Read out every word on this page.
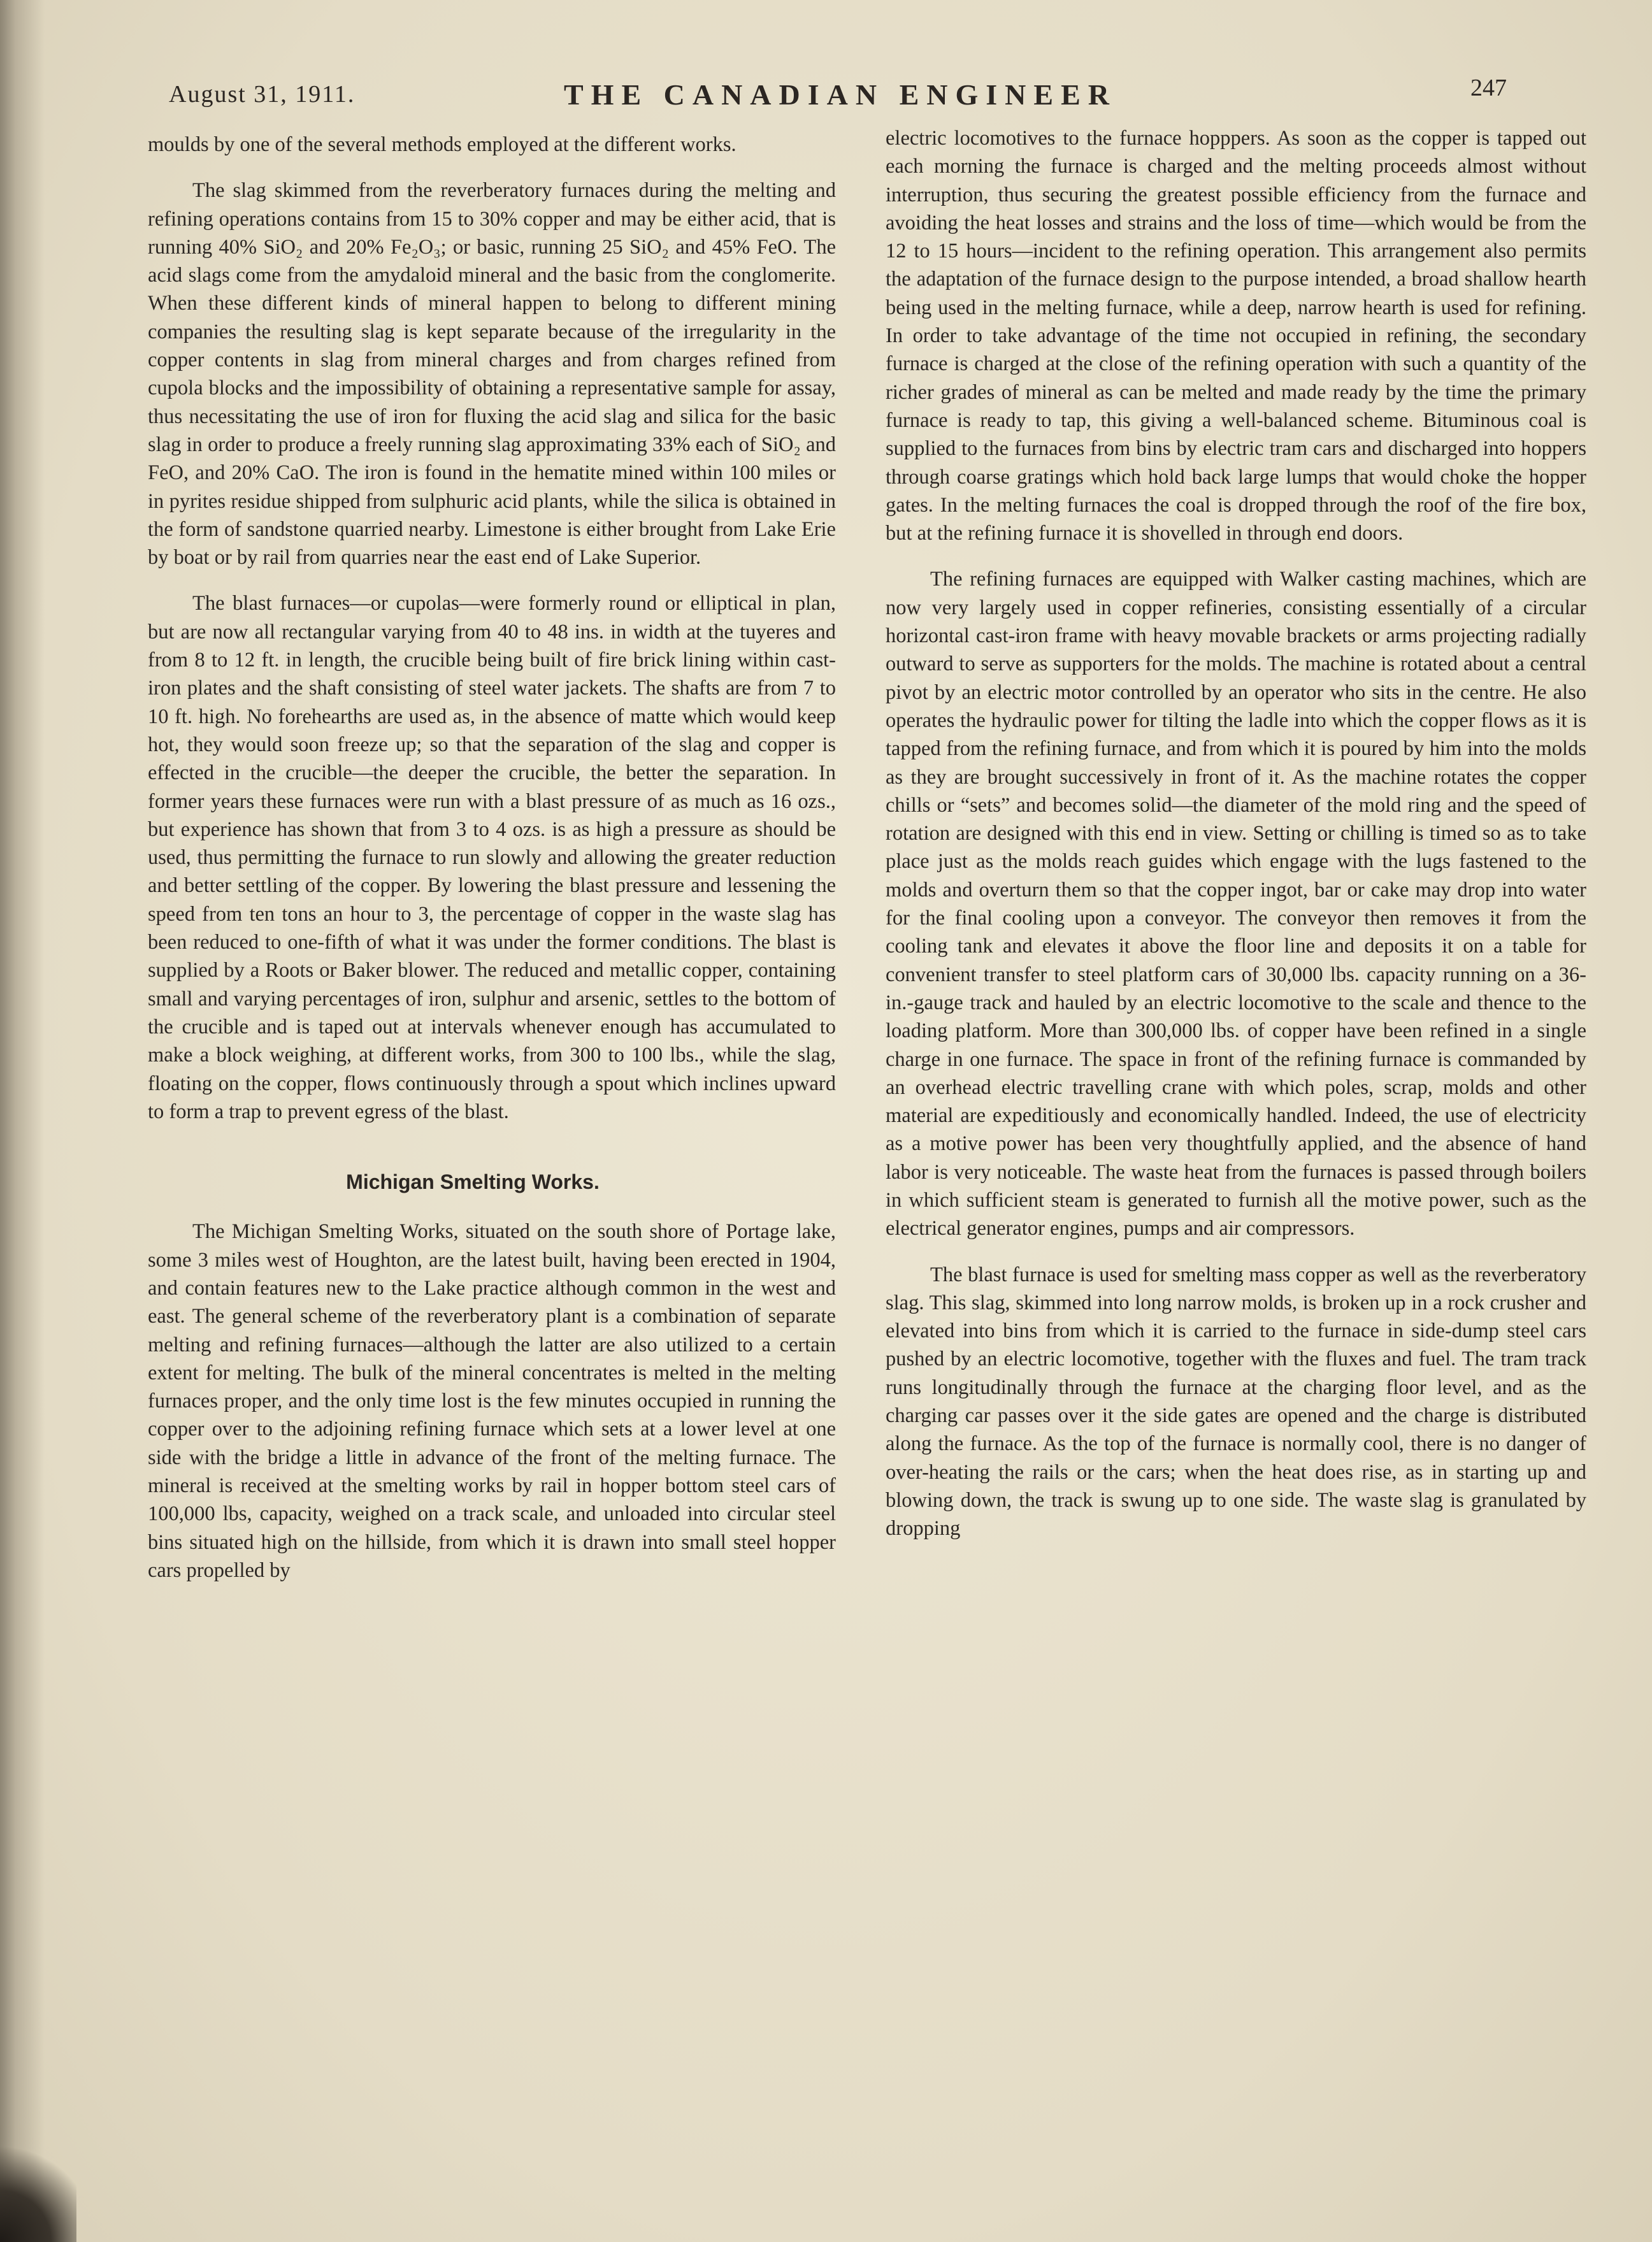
August 31, 1911.	THE CANADIAN ENGINEER	247

moulds by one of the several methods employed at the different works.

The slag skimmed from the reverberatory furnaces during the melting and refining operations contains from 15 to 30% copper and may be either acid, that is running 40% SiO₂ and 20% Fe₂O₃; or basic, running 25 SiO₂ and 45% FeO. The acid slags come from the amydaloid mineral and the basic from the conglomerite. When these different kinds of mineral happen to belong to different mining companies the resulting slag is kept separate because of the irregularity in the copper contents in slag from mineral charges and from charges refined from cupola blocks and the impossibility of obtaining a representative sample for assay, thus necessitating the use of iron for fluxing the acid slag and silica for the basic slag in order to produce a freely running slag approximating 33% each of SiO₂ and FeO, and 20% CaO. The iron is found in the hematite mined within 100 miles or in pyrites residue shipped from sulphuric acid plants, while the silica is obtained in the form of sandstone quarried nearby. Limestone is either brought from Lake Erie by boat or by rail from quarries near the east end of Lake Superior.

The blast furnaces—or cupolas—were formerly round or elliptical in plan, but are now all rectangular varying from 40 to 48 ins. in width at the tuyeres and from 8 to 12 ft. in length, the crucible being built of fire brick lining within cast-iron plates and the shaft consisting of steel water jackets. The shafts are from 7 to 10 ft. high. No forehearths are used as, in the absence of matte which would keep hot, they would soon freeze up; so that the separation of the slag and copper is effected in the crucible—the deeper the crucible, the better the separation. In former years these furnaces were run with a blast pressure of as much as 16 ozs., but experience has shown that from 3 to 4 ozs. is as high a pressure as should be used, thus permitting the furnace to run slowly and allowing the greater reduction and better settling of the copper. By lowering the blast pressure and lessening the speed from ten tons an hour to 3, the percentage of copper in the waste slag has been reduced to one-fifth of what it was under the former conditions. The blast is supplied by a Roots or Baker blower. The reduced and metallic copper, containing small and varying percentages of iron, sulphur and arsenic, settles to the bottom of the crucible and is taped out at intervals whenever enough has accumulated to make a block weighing, at different works, from 300 to 100 lbs., while the slag, floating on the copper, flows continuously through a spout which inclines upward to form a trap to prevent egress of the blast.

Michigan Smelting Works.

The Michigan Smelting Works, situated on the south shore of Portage lake, some 3 miles west of Houghton, are the latest built, having been erected in 1904, and contain features new to the Lake practice although common in the west and east. The general scheme of the reverberatory plant is a combination of separate melting and refining furnaces—although the latter are also utilized to a certain extent for melting. The bulk of the mineral concentrates is melted in the melting furnaces proper, and the only time lost is the few minutes occupied in running the copper over to the adjoining refining furnace which sets at a lower level at one side with the bridge a little in advance of the front of the melting furnace. The mineral is received at the smelting works by rail in hopper bottom steel cars of 100,000 lbs, capacity, weighed on a track scale, and unloaded into circular steel bins situated high on the hillside, from which it is drawn into small steel hopper cars propelled by

electric locomotives to the furnace hopppers. As soon as the copper is tapped out each morning the furnace is charged and the melting proceeds almost without interruption, thus securing the greatest possible efficiency from the furnace and avoiding the heat losses and strains and the loss of time—which would be from the 12 to 15 hours—incident to the refining operation. This arrangement also permits the adaptation of the furnace design to the purpose intended, a broad shallow hearth being used in the melting furnace, while a deep, narrow hearth is used for refining. In order to take advantage of the time not occupied in refining, the secondary furnace is charged at the close of the refining operation with such a quantity of the richer grades of mineral as can be melted and made ready by the time the primary furnace is ready to tap, this giving a well-balanced scheme. Bituminous coal is supplied to the furnaces from bins by electric tram cars and discharged into hoppers through coarse gratings which hold back large lumps that would choke the hopper gates. In the melting furnaces the coal is dropped through the roof of the fire box, but at the refining furnace it is shovelled in through end doors.

The refining furnaces are equipped with Walker casting machines, which are now very largely used in copper refineries, consisting essentially of a circular horizontal cast-iron frame with heavy movable brackets or arms projecting radially outward to serve as supporters for the molds. The machine is rotated about a central pivot by an electric motor controlled by an operator who sits in the centre. He also operates the hydraulic power for tilting the ladle into which the copper flows as it is tapped from the refining furnace, and from which it is poured by him into the molds as they are brought successively in front of it. As the machine rotates the copper chills or “sets” and becomes solid—the diameter of the mold ring and the speed of rotation are designed with this end in view. Setting or chilling is timed so as to take place just as the molds reach guides which engage with the lugs fastened to the molds and overturn them so that the copper ingot, bar or cake may drop into water for the final cooling upon a conveyor. The conveyor then removes it from the cooling tank and elevates it above the floor line and deposits it on a table for convenient transfer to steel platform cars of 30,000 lbs. capacity running on a 36-in.-gauge track and hauled by an electric locomotive to the scale and thence to the loading platform. More than 300,000 lbs. of copper have been refined in a single charge in one furnace. The space in front of the refining furnace is commanded by an overhead electric travelling crane with which poles, scrap, molds and other material are expeditiously and economically handled. Indeed, the use of electricity as a motive power has been very thoughtfully applied, and the absence of hand labor is very noticeable. The waste heat from the furnaces is passed through boilers in which sufficient steam is generated to furnish all the motive power, such as the electrical generator engines, pumps and air compressors.

The blast furnace is used for smelting mass copper as well as the reverberatory slag. This slag, skimmed into long narrow molds, is broken up in a rock crusher and elevated into bins from which it is carried to the furnace in side-dump steel cars pushed by an electric locomotive, together with the fluxes and fuel. The tram track runs longitudinally through the furnace at the charging floor level, and as the charging car passes over it the side gates are opened and the charge is distributed along the furnace. As the top of the furnace is normally cool, there is no danger of over-heating the rails or the cars; when the heat does rise, as in starting up and blowing down, the track is swung up to one side. The waste slag is granulated by dropping
